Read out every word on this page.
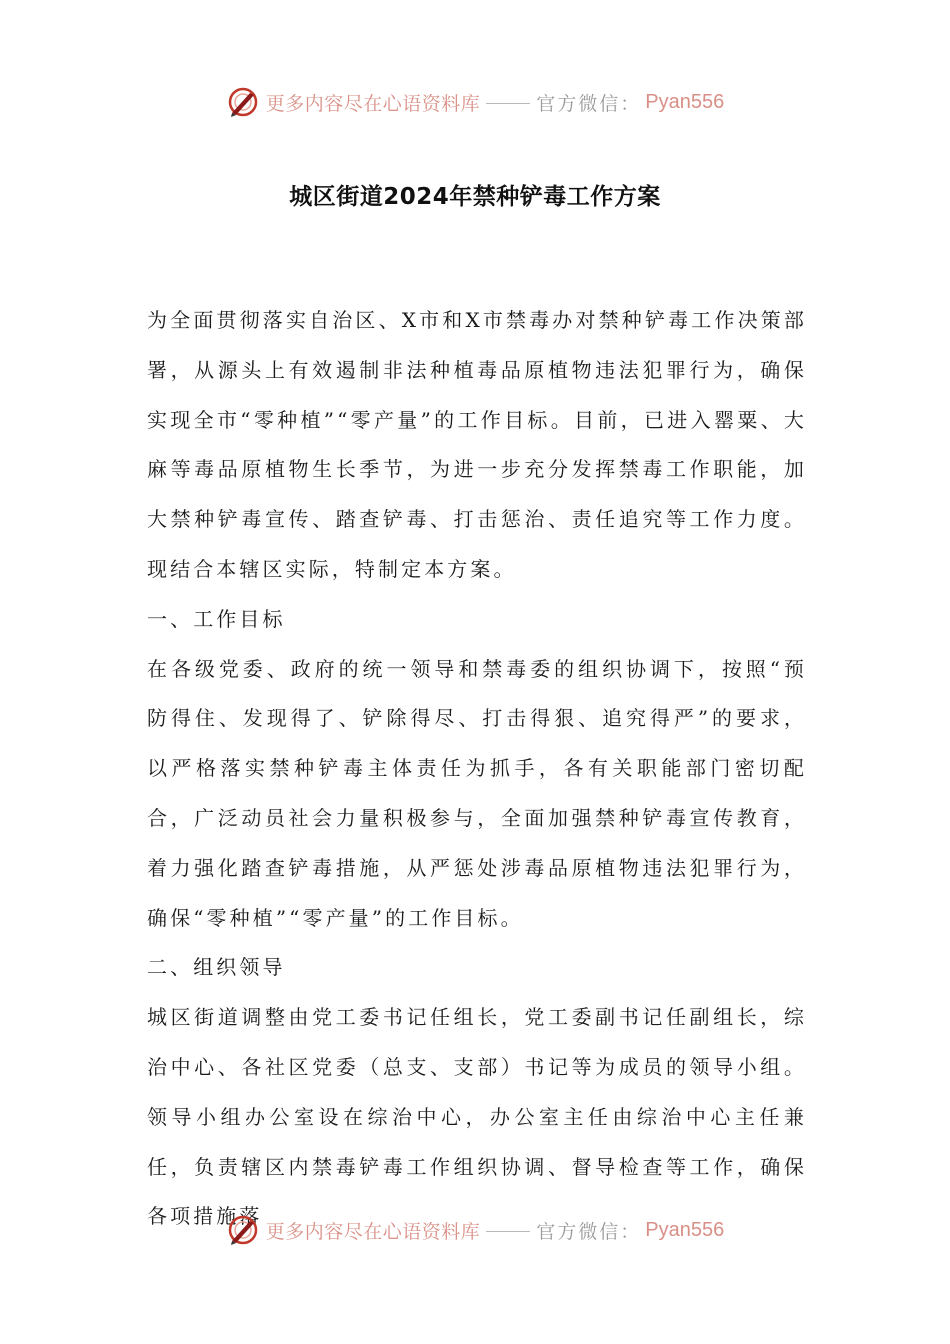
更多内容尽在心语资料库	官方微信： Pyan556
城区街道2024年禁种铲毒工作方案

为全面贯彻落实自治区、X市和X市禁毒办对禁种铲毒工作决策部署，从源头上有效遏制非法种植毒品原植物违法犯罪行为，确保实现全市“零种植”“零产量”的工作目标。目前，已进入罂粟、大麻等毒品原植物生长季节，为进一步充分发挥禁毒工作职能，加大禁种铲毒宣传、踏查铲毒、打击惩治、责任追究等工作力度。现结合本辖区实际，特制定本方案。

一、工作目标

在各级党委、政府的统一领导和禁毒委的组织协调下，按照“预防得住、发现得了、铲除得尽、打击得狠、追究得严”的要求，以严格落实禁种铲毒主体责任为抓手，各有关职能部门密切配合，广泛动员社会力量积极参与，全面加强禁种铲毒宣传教育，着力强化踏查铲毒措施，从严惩处涉毒品原植物违法犯罪行为，确保“零种植”“零产量”的工作目标。

二、组织领导

城区街道调整由党工委书记任组长，党工委副书记任副组长，综治中心、各社区党委（总支、支部）书记等为成员的领导小组。领导小组办公室设在综治中心，办公室主任由综治中心主任兼任，负责辖区内禁毒铲毒工作组织协调、督导检查等工作，确保各项措施落

更多内容尽在心语资料库	官方微信： Pyan556
